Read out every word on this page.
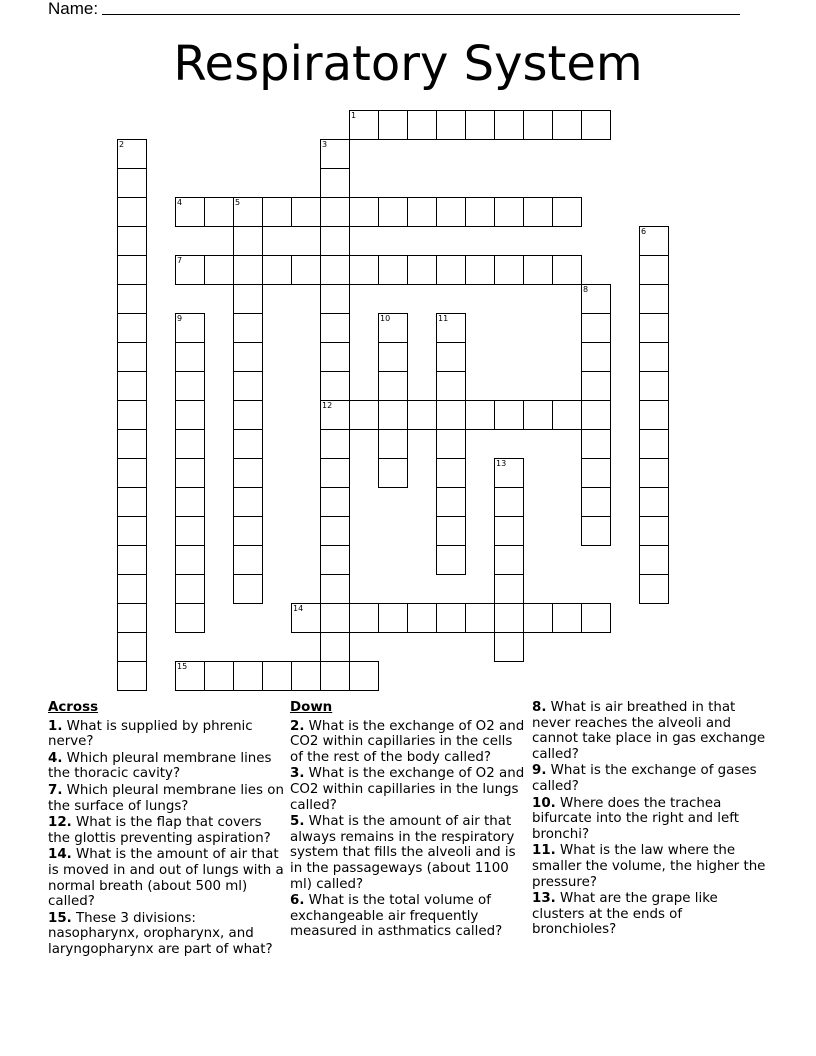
Name:
Respiratory System
1
4
7
12
14
15
2	3
5
6
8
9	10	11
13
Across
1. What is supplied by phrenic nerve?
4. Which pleural membrane lines the thoracic cavity?
7. Which pleural membrane lies on the surface of lungs?
12. What is the flap that covers the glottis preventing aspiration?
14. What is the amount of air that is moved in and out of lungs with a normal breath (about 500 ml) called?
15. These 3 divisions: nasopharynx, oropharynx, and laryngopharynx are part of what?
Down
2. What is the exchange of O2 and CO2 within capillaries in the cells of the rest of the body called?
3. What is the exchange of O2 and CO2 within capillaries in the lungs called?
5. What is the amount of air that always remains in the respiratory system that fills the alveoli and is in the passageways (about 1100 ml) called?
6. What is the total volume of exchangeable air frequently measured in asthmatics called?
8. What is air breathed in that never reaches the alveoli and cannot take place in gas exchange called?
9. What is the exchange of gases called?
10. Where does the trachea bifurcate into the right and left bronchi?
11. What is the law where the smaller the volume, the higher the pressure?
13. What are the grape like clusters at the ends of bronchioles?
